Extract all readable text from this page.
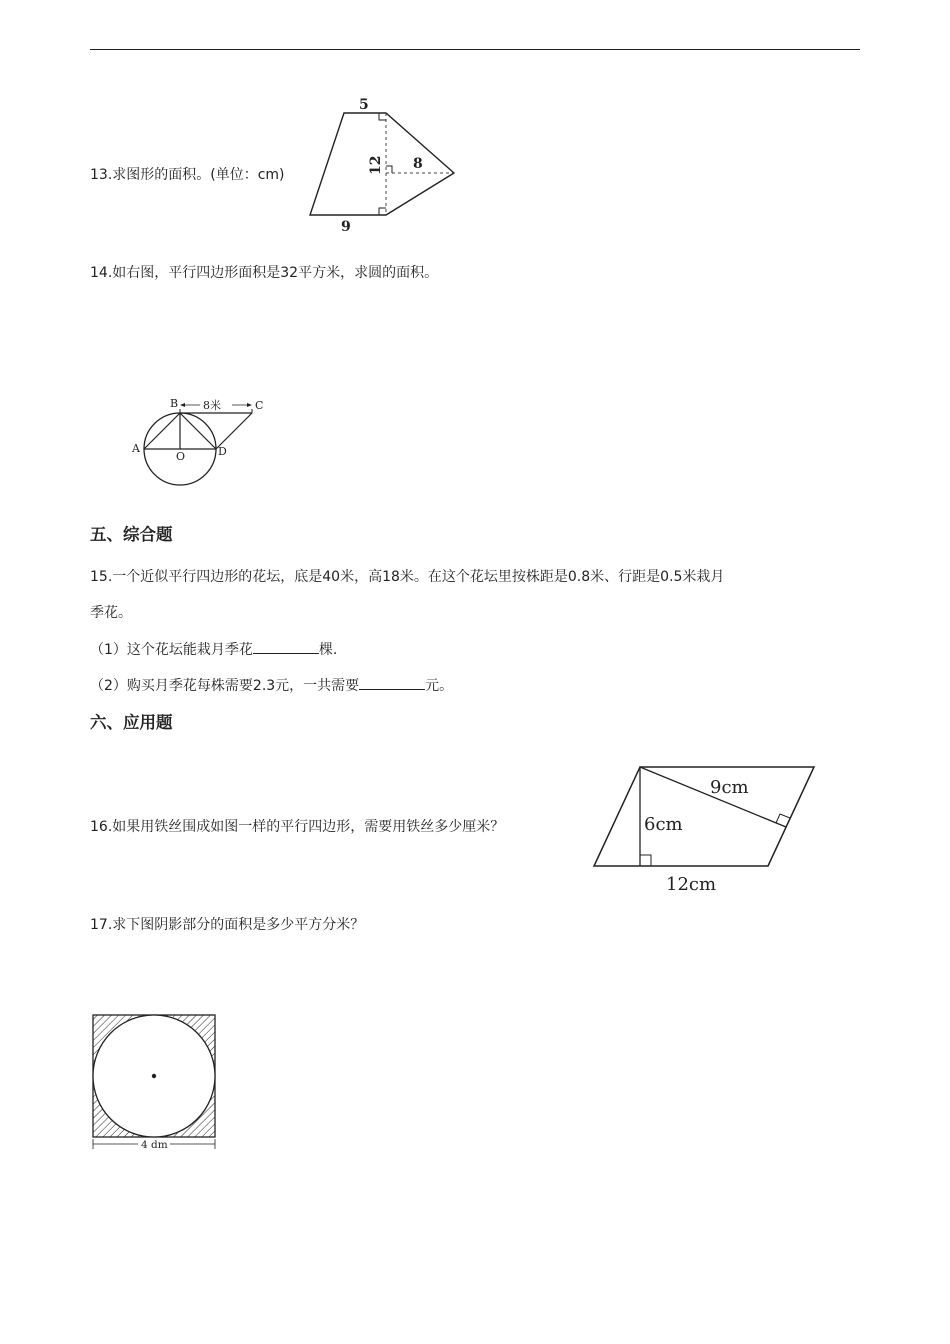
13.求图形的面积。(单位：cm)
5
12 8
9
14.如右图，平行四边形面积是32平方米，求圆的面积。
8米
B	C
A
O	D
五、综合题
15.一个近似平行四边形的花坛，底是40米，高18米。在这个花坛里按株距是0.8米、行距是0.5米栽月
季花。
（1）这个花坛能栽月季花	棵.
（2）购买月季花每株需要2.3元，一共需要	元。
六、应用题
16.如果用铁丝围成如图一样的平行四边形，需要用铁丝多少厘米？
9cm
6cm
12cm
17.求下图阴影部分的面积是多少平方分米？
4 dm
